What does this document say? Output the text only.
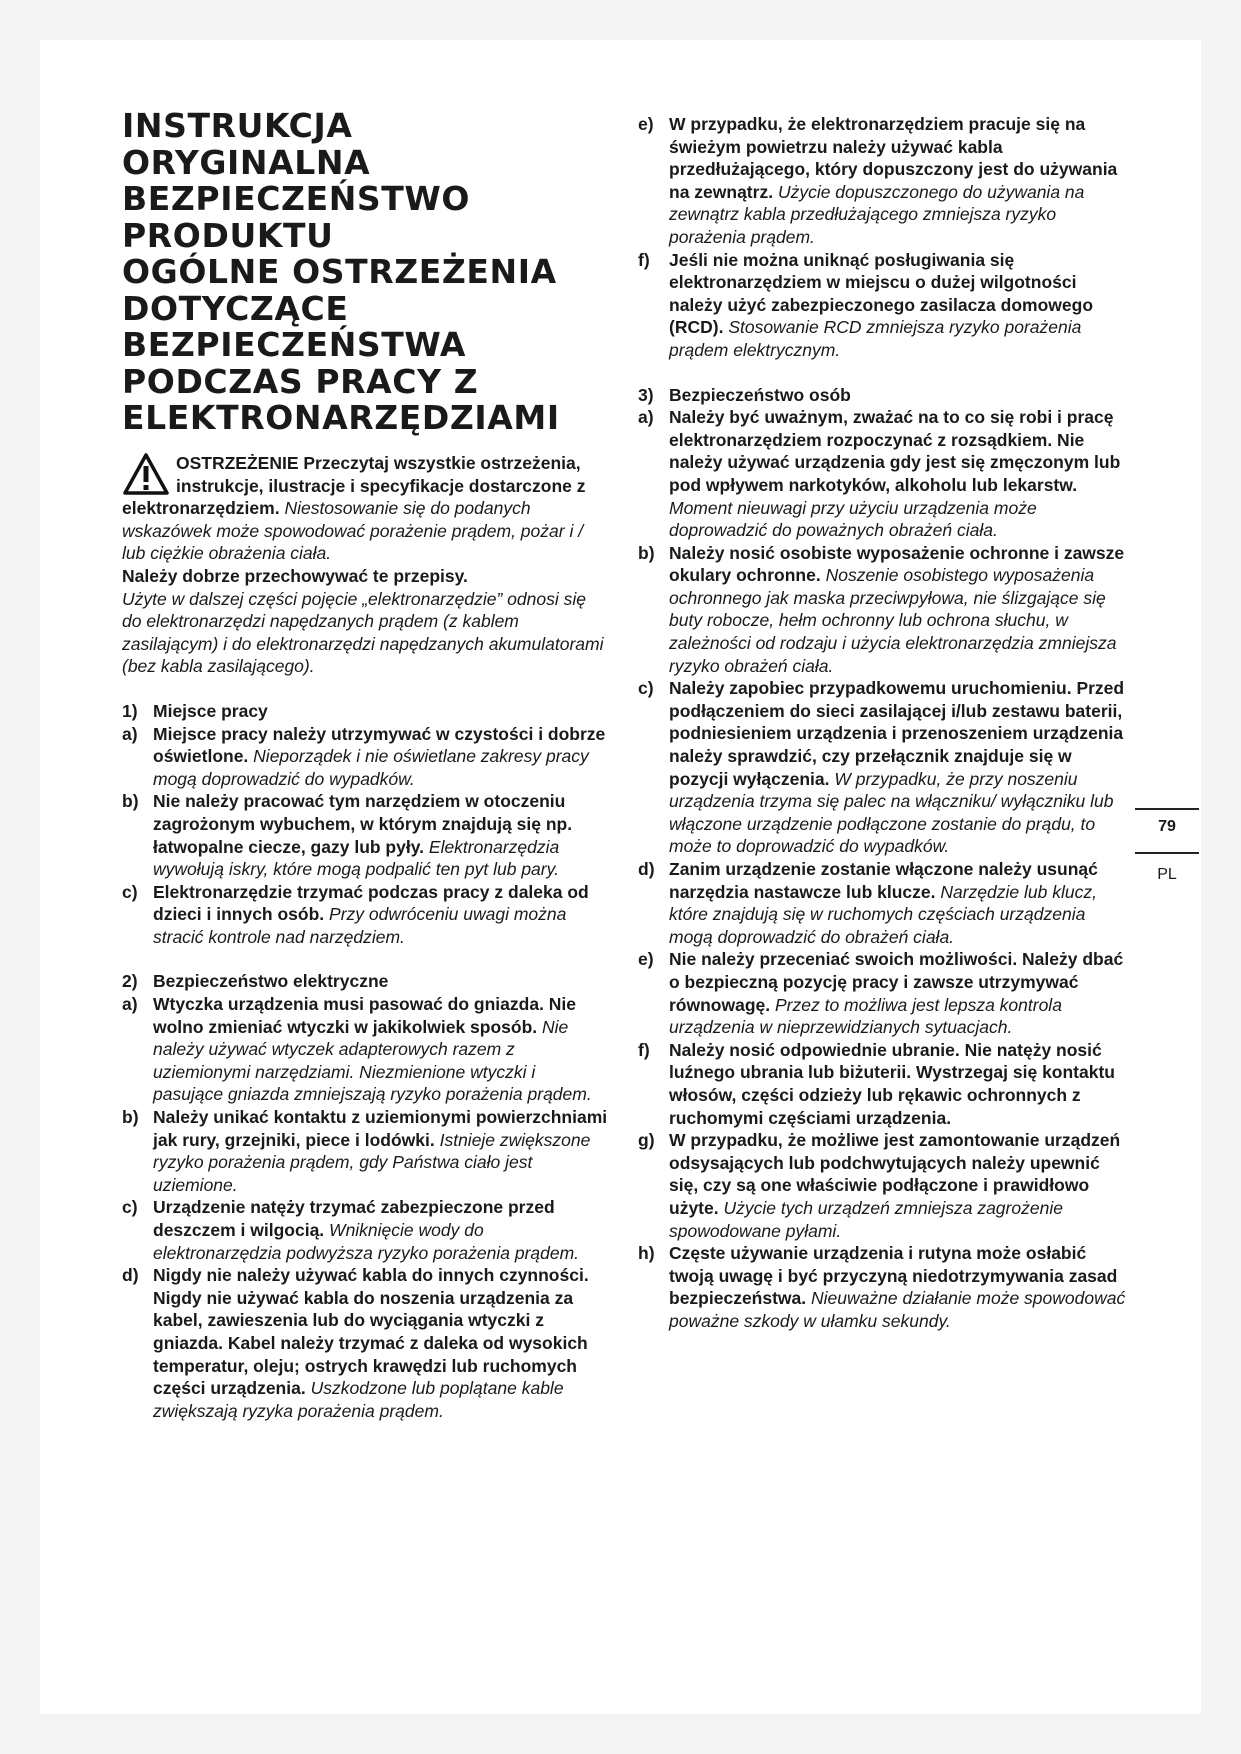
INSTRUKCJA
ORYGINALNA
BEZPIECZEŃSTWO
PRODUKTU
OGÓLNE OSTRZEŻENIA
DOTYCZĄCE
BEZPIECZEŃSTWA
PODCZAS PRACY Z
ELEKTRONARZĘDZIAMI

OSTRZEŻENIE Przeczytaj wszystkie ostrzeżenia, instrukcje, ilustracje i specyfikacje dostarczone z elektronarzędziem. Niestosowanie się do podanych wskazówek może spowodować porażenie prądem, pożar i / lub ciężkie obrażenia ciała.

Należy dobrze przechowywać te przepisy.

Użyte w dalszej części pojęcie „elektronarzędzie” odnosi się do elektronarzędzi napędzanych prądem (z kablem zasilającym) i do elektronarzędzi napędzanych akumulatorami (bez kabla zasilającego).

1) Miejsce pracy
a) Miejsce pracy należy utrzymywać w czystości i dobrze oświetlone. Nieporządek i nie oświetlane zakresy pracy mogą doprowadzić do wypadków.
b) Nie należy pracować tym narzędziem w otoczeniu zagrożonym wybuchem, w którym znajdują się np. łatwopalne ciecze, gazy lub pyły. Elektronarzędzia wywołują iskry, które mogą podpalić ten pyt lub pary.
c) Elektronarzędzie trzymać podczas pracy z daleka od dzieci i innych osób. Przy odwróceniu uwagi można stracić kontrole nad narzędziem.
2) Bezpieczeństwo elektryczne
a) Wtyczka urządzenia musi pasować do gniazda. Nie wolno zmieniać wtyczki w jakikolwiek sposób. Nie należy używać wtyczek adapterowych razem z uziemionymi narzędziami. Niezmienione wtyczki i pasujące gniazda zmniejszają ryzyko porażenia prądem.
b) Należy unikać kontaktu z uziemionymi powierzchniami jak rury, grzejniki, piece i lodówki. Istnieje zwiększone ryzyko porażenia prądem, gdy Państwa ciało jest uziemione.
c) Urządzenie natęży trzymać zabezpieczone przed deszczem i wilgocią. Wniknięcie wody do elektronarzędzia podwyższa ryzyko porażenia prądem.
d) Nigdy nie należy używać kabla do innych czynności. Nigdy nie używać kabla do noszenia urządzenia za kabel, zawieszenia lub do wyciągania wtyczki z gniazda. Kabel należy trzymać z daleka od wysokich temperatur, oleju; ostrych krawędzi lub ruchomych części urządzenia. Uszkodzone lub poplątane kable zwiększają ryzyka porażenia prądem.
e) W przypadku, że elektronarzędziem pracuje się na świeżym powietrzu należy używać kabla przedłużającego, który dopuszczony jest do używania na zewnątrz. Użycie dopuszczonego do używania na zewnątrz kabla przedłużającego zmniejsza ryzyko porażenia prądem.
f)	Jeśli nie można uniknąć posługiwania się elektronarzędziem w miejscu o dużej wilgotności należy użyć zabezpieczonego zasilacza domowego (RCD). Stosowanie RCD zmniejsza ryzyko porażenia prądem elektrycznym.
3) Bezpieczeństwo osób
a) Należy być uważnym, zważać na to co się robi i pracę elektronarzędziem rozpoczynać z rozsądkiem. Nie należy używać urządzenia gdy jest się zmęczonym lub pod wpływem narkotyków, alkoholu lub lekarstw. Moment nieuwagi przy użyciu urządzenia może doprowadzić do poważnych obrażeń ciała.
b) Należy nosić osobiste wyposażenie ochronne i zawsze okulary ochronne. Noszenie osobistego wyposażenia ochronnego jak maska przeciwpyłowa, nie ślizgające się buty robocze, hełm ochronny lub ochrona słuchu, w zależności od rodzaju i użycia elektronarzędzia zmniejsza ryzyko obrażeń ciała.
c) Należy zapobiec przypadkowemu uruchomieniu. Przed podłączeniem do sieci zasilającej i/lub zestawu baterii, podniesieniem urządzenia i przenoszeniem urządzenia należy sprawdzić, czy przełącznik znajduje się w pozycji wyłączenia. W przypadku, że przy noszeniu urządzenia trzyma się palec na włączniku/ wyłączniku lub włączone urządzenie podłączone zostanie do prądu, to może to doprowadzić do wypadków.
d) Zanim urządzenie zostanie włączone należy usunąć narzędzia nastawcze lub klucze. Narzędzie lub klucz, które znajdują się w ruchomych częściach urządzenia mogą doprowadzić do obrażeń ciała.
e) Nie należy przeceniać swoich możliwości. Należy dbać o bezpieczną pozycję pracy i zawsze utrzymywać równowagę. Przez to możliwa jest lepsza kontrola urządzenia w nieprzewidzianych sytuacjach.
f)	Należy nosić odpowiednie ubranie. Nie natęży nosić luźnego ubrania lub biżuterii. Wystrzegaj się kontaktu włosów, części odzieży lub rękawic ochronnych z ruchomymi częściami urządzenia.
g) W przypadku, że możliwe jest zamontowanie urządzeń odsysających lub podchwytujących należy upewnić się, czy są one właściwie podłączone i prawidłowo użyte. Użycie tych urządzeń zmniejsza zagrożenie spowodowane pyłami.
h) Częste używanie urządzenia i rutyna może osłabić twoją uwagę i być przyczyną niedotrzymywania zasad bezpieczeństwa. Nieuważne działanie może spowodować poważne szkody w ułamku sekundy.
79
PL
